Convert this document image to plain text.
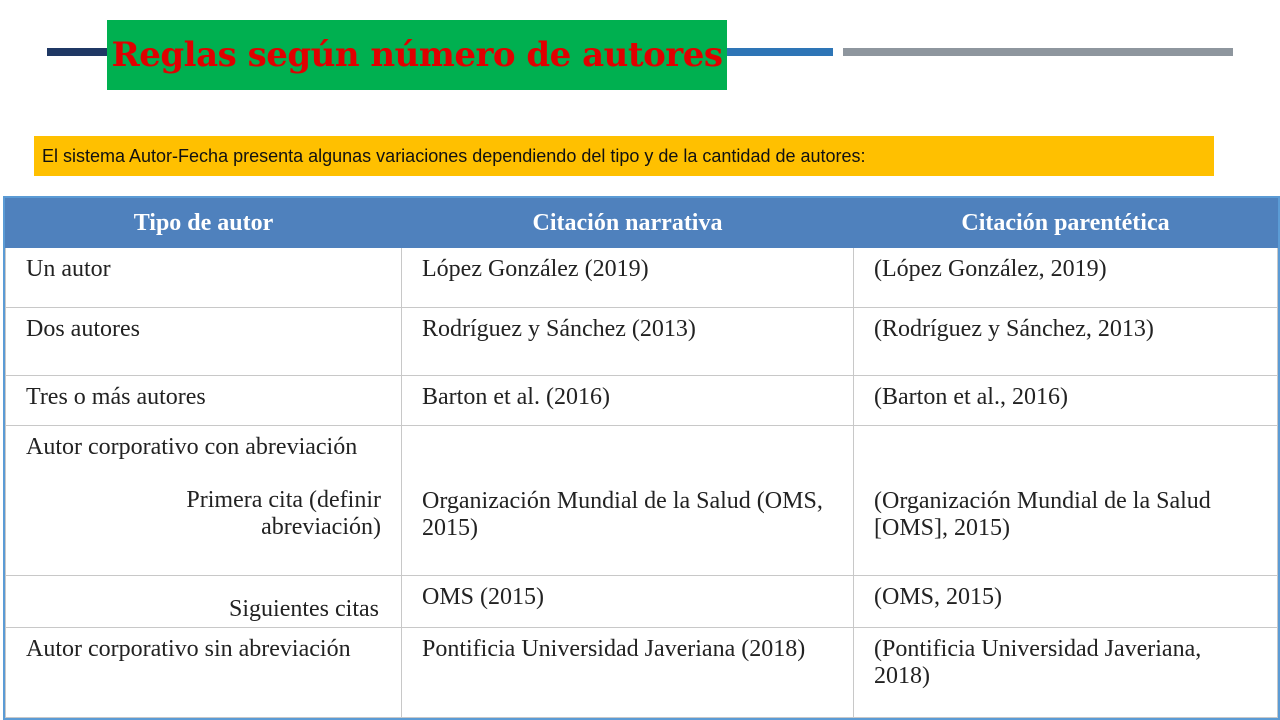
Reglas según número de autores
El sistema Autor-Fecha presenta algunas variaciones dependiendo del tipo y de la cantidad de autores:
Tipo de autor	Citación narrativa	Citación parentética
Un autor	López González (2019)	(López González, 2019)
Dos autores	Rodríguez y Sánchez (2013)	(Rodríguez y Sánchez, 2013)
Tres o más autores	Barton et al. (2016)	(Barton et al., 2016)
Autor corporativo con abreviación
Primera cita (definir abreviación)	Organización Mundial de la Salud (OMS, 2015)	(Organización Mundial de la Salud [OMS], 2015)
Siguientes citas	OMS (2015)	(OMS, 2015)
Autor corporativo sin abreviación	Pontificia Universidad Javeriana (2018)	(Pontificia Universidad Javeriana, 2018)
